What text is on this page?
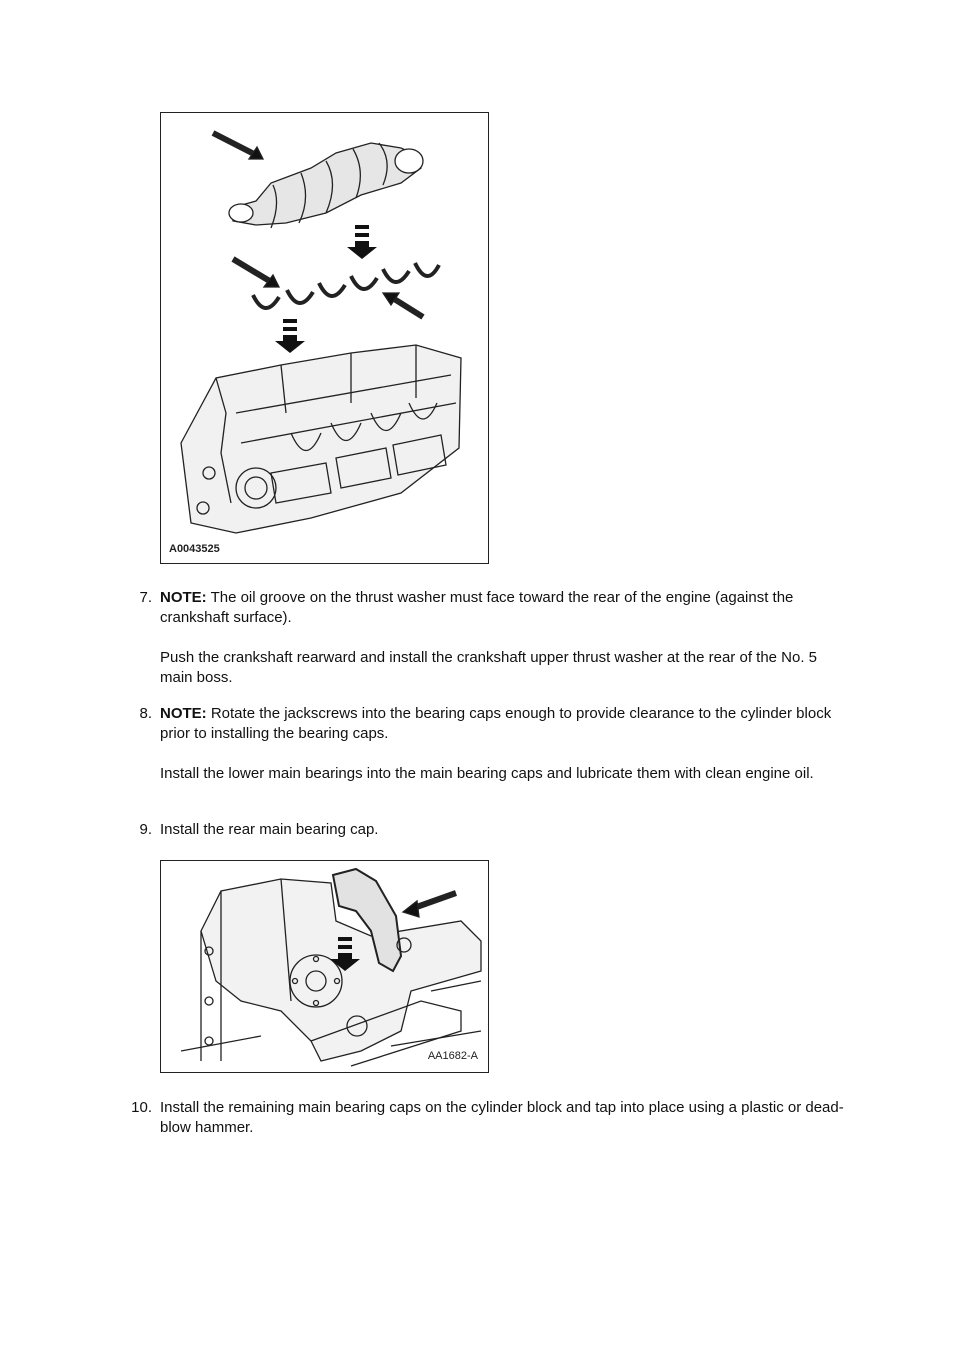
A0043525
7. NOTE: The oil groove on the thrust washer must face toward the rear of the engine (against the crankshaft surface).

Push the crankshaft rearward and install the crankshaft upper thrust washer at the rear of the No. 5 main boss.

8. NOTE: Rotate the jackscrews into the bearing caps enough to provide clearance to the cylinder block prior to installing the bearing caps.

Install the lower main bearings into the main bearing caps and lubricate them with clean engine oil.

9. Install the rear main bearing cap.

AA1682-A
10. Install the remaining main bearing caps on the cylinder block and tap into place using a plastic or dead-blow hammer.
